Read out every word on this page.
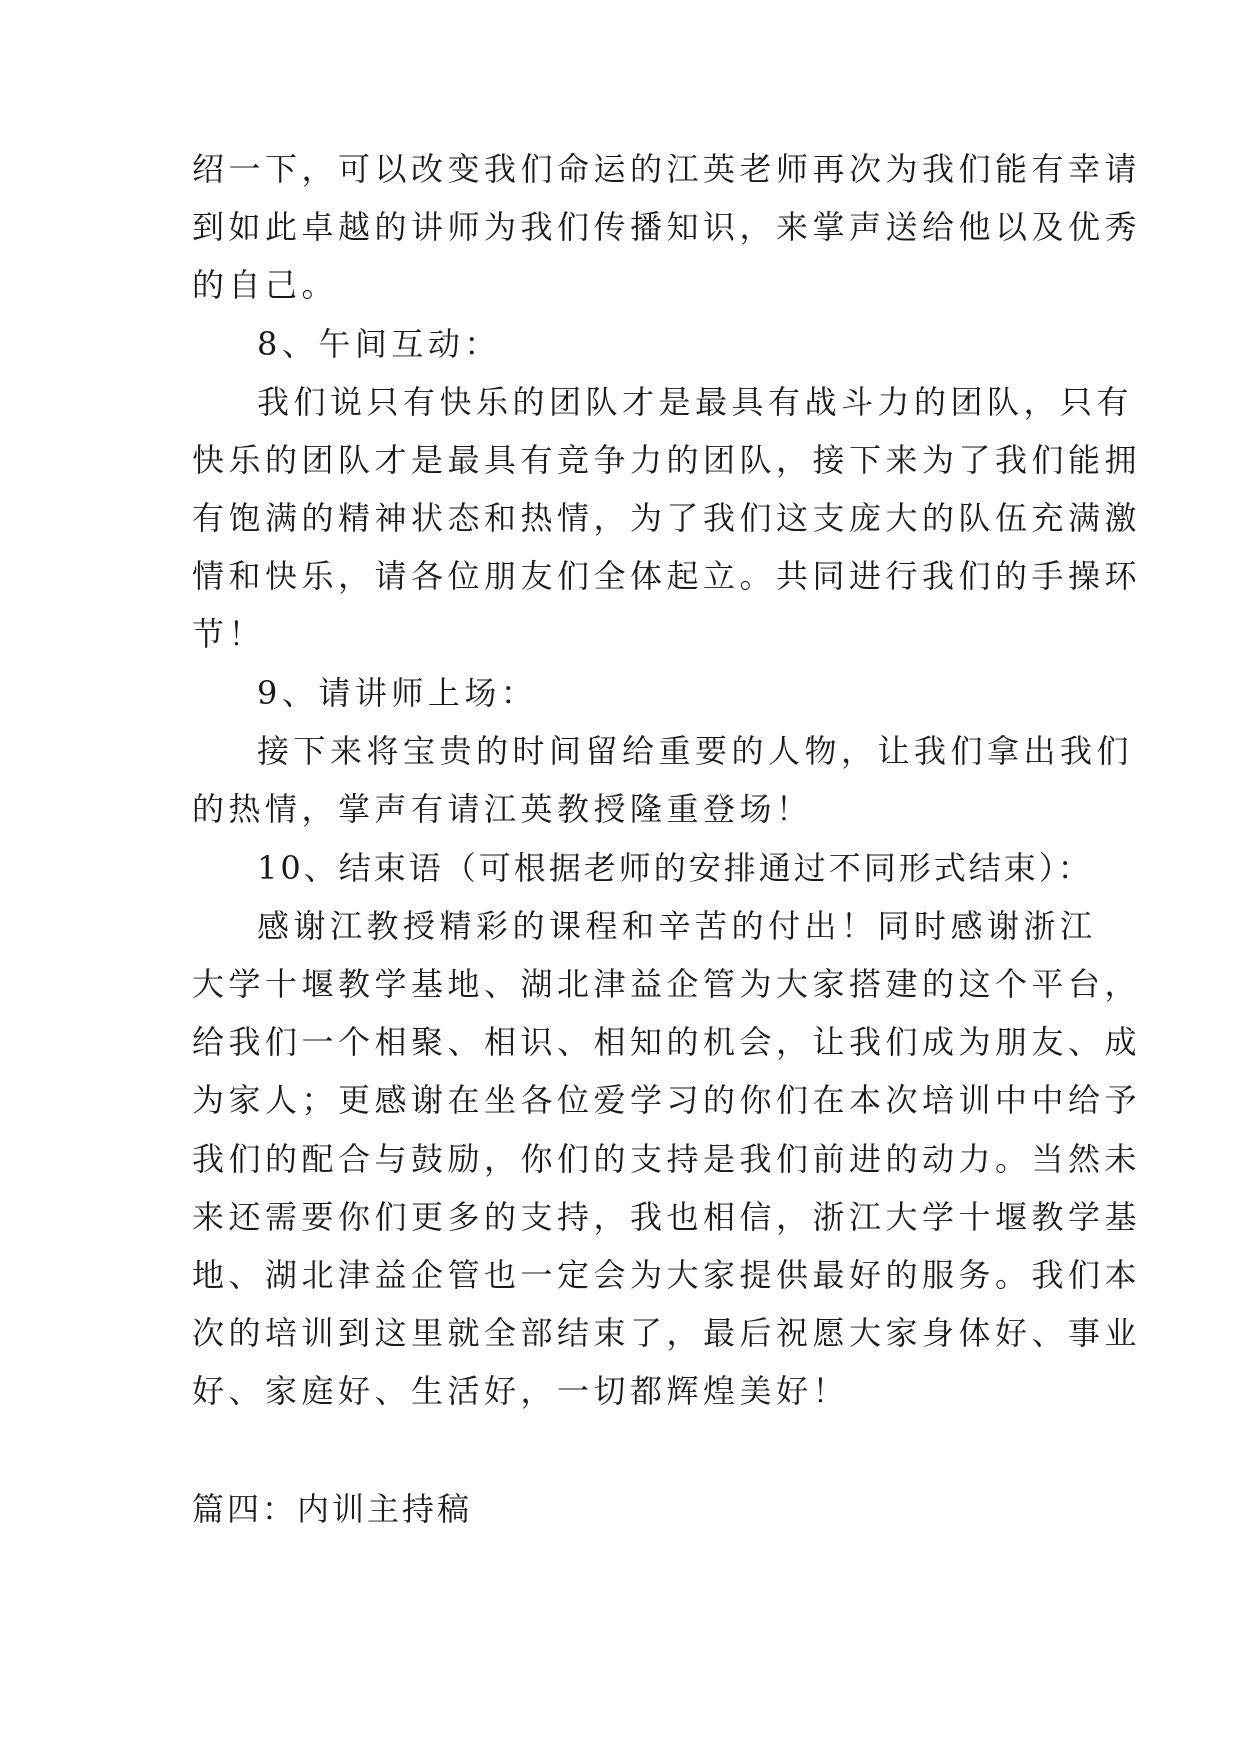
绍一下，可以改变我们命运的江英老师再次为我们能有幸请
到如此卓越的讲师为我们传播知识，来掌声送给他以及优秀
的自己。
8、午间互动：
我们说只有快乐的团队才是最具有战斗力的团队，只有
快乐的团队才是最具有竞争力的团队，接下来为了我们能拥
有饱满的精神状态和热情，为了我们这支庞大的队伍充满激
情和快乐，请各位朋友们全体起立。共同进行我们的手操环
节！
9、请讲师上场：
接下来将宝贵的时间留给重要的人物，让我们拿出我们
的热情，掌声有请江英教授隆重登场！
10、结束语（可根据老师的安排通过不同形式结束）：
感谢江教授精彩的课程和辛苦的付出！同时感谢浙江
大学十堰教学基地、湖北津益企管为大家搭建的这个平台，
给我们一个相聚、相识、相知的机会，让我们成为朋友、成
为家人；更感谢在坐各位爱学习的你们在本次培训中中给予
我们的配合与鼓励，你们的支持是我们前进的动力。当然未
来还需要你们更多的支持，我也相信，浙江大学十堰教学基
地、湖北津益企管也一定会为大家提供最好的服务。我们本
次的培训到这里就全部结束了，最后祝愿大家身体好、事业
好、家庭好、生活好，一切都辉煌美好！
篇四：内训主持稿
